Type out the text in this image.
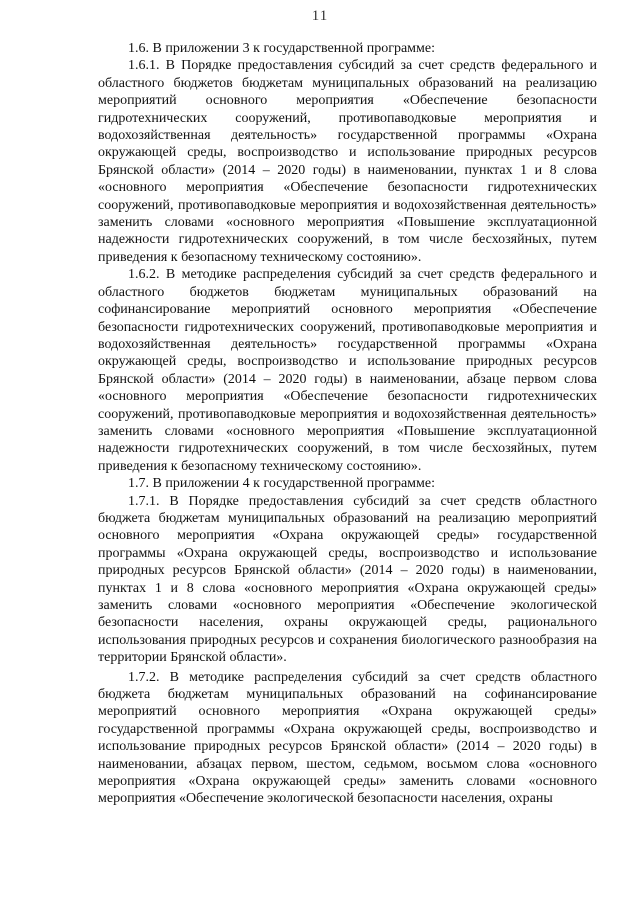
11

1.6. В приложении 3 к государственной программе:

1.6.1. В Порядке предоставления субсидий за счет средств федерального и областного бюджетов бюджетам муниципальных образований на реализацию мероприятий основного мероприятия «Обеспечение безопасности гидротехнических сооружений, противопаводковые мероприятия и водохозяйственная деятельность» государственной программы «Охрана окружающей среды, воспроизводство и использование природных ресурсов Брянской области» (2014 – 2020 годы) в наименовании, пунктах 1 и 8 слова «основного мероприятия «Обеспечение безопасности гидротехнических сооружений, противопаводковые мероприятия и водохозяйственная деятельность» заменить словами «основного мероприятия «Повышение эксплуатационной надежности гидротехнических сооружений, в том числе бесхозяйных, путем приведения к безопасному техническому состоянию».

1.6.2. В методике распределения субсидий за счет средств федерального и областного бюджетов бюджетам муниципальных образований на софинансирование мероприятий основного мероприятия «Обеспечение безопасности гидротехнических сооружений, противопаводковые мероприятия и водохозяйственная деятельность» государственной программы «Охрана окружающей среды, воспроизводство и использование природных ресурсов Брянской области» (2014 – 2020 годы) в наименовании, абзаце первом слова «основного мероприятия «Обеспечение безопасности гидротехнических сооружений, противопаводковые мероприятия и водохозяйственная деятельность» заменить словами «основного мероприятия «Повышение эксплуатационной надежности гидротехнических сооружений, в том числе бесхозяйных, путем приведения к безопасному техническому состоянию».

1.7. В приложении 4 к государственной программе:

1.7.1. В Порядке предоставления субсидий за счет средств областного бюджета бюджетам муниципальных образований на реализацию мероприятий основного мероприятия «Охрана окружающей среды» государственной программы «Охрана окружающей среды, воспроизводство и использование природных ресурсов Брянской области» (2014 – 2020 годы) в наименовании, пунктах 1 и 8 слова «основного мероприятия «Охрана окружающей среды» заменить словами «основного мероприятия «Обеспечение экологической безопасности населения, охраны окружающей среды, рационального использования природных ресурсов и сохранения биологического разнообразия на территории Брянской области».

1.7.2. В методике распределения субсидий за счет средств областного бюджета бюджетам муниципальных образований на софинансирование мероприятий основного мероприятия «Охрана окружающей среды» государственной программы «Охрана окружающей среды, воспроизводство и использование природных ресурсов Брянской области» (2014 – 2020 годы) в наименовании, абзацах первом, шестом, седьмом, восьмом слова «основного мероприятия «Охрана окружающей среды» заменить словами «основного мероприятия «Обеспечение экологической безопасности населения, охраны
